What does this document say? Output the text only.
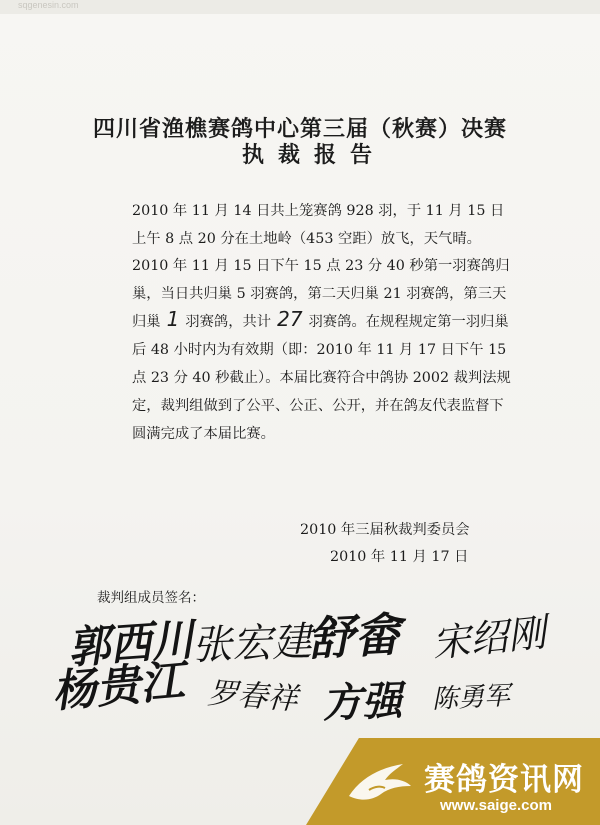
sqgenesin.com
四川省渔樵赛鸽中心第三届（秋赛）决赛
执裁报告

2010 年 11 月 14 日共上笼赛鸽 928 羽，于 11 月 15 日上午 8 点 20 分在土地岭（453 空距）放飞，天气晴。

2010 年 11 月 15 日下午 15 点 23 分 40 秒第一羽赛鸽归巢，当日共归巢 5 羽赛鸽，第二天归巢 21 羽赛鸽，第三天归巢 1 羽赛鸽，共计 27 羽赛鸽。在规程规定第一羽归巢后 48 小时内为有效期（即：2010 年 11 月 17 日下午 15 点 23 分 40 秒截止）。本届比赛符合中鸽协 2002 裁判法规定，裁判组做到了公平、公正、公开，并在鸽友代表监督下圆满完成了本届比赛。

2010 年三届秋裁判委员会
2010 年 11 月 17 日
裁判组成员签名：
郭西川
张宏建
舒畲 宋绍刚
杨贵江 罗春祥 方强 陈勇军
赛鸽资讯网
www.saige.com
